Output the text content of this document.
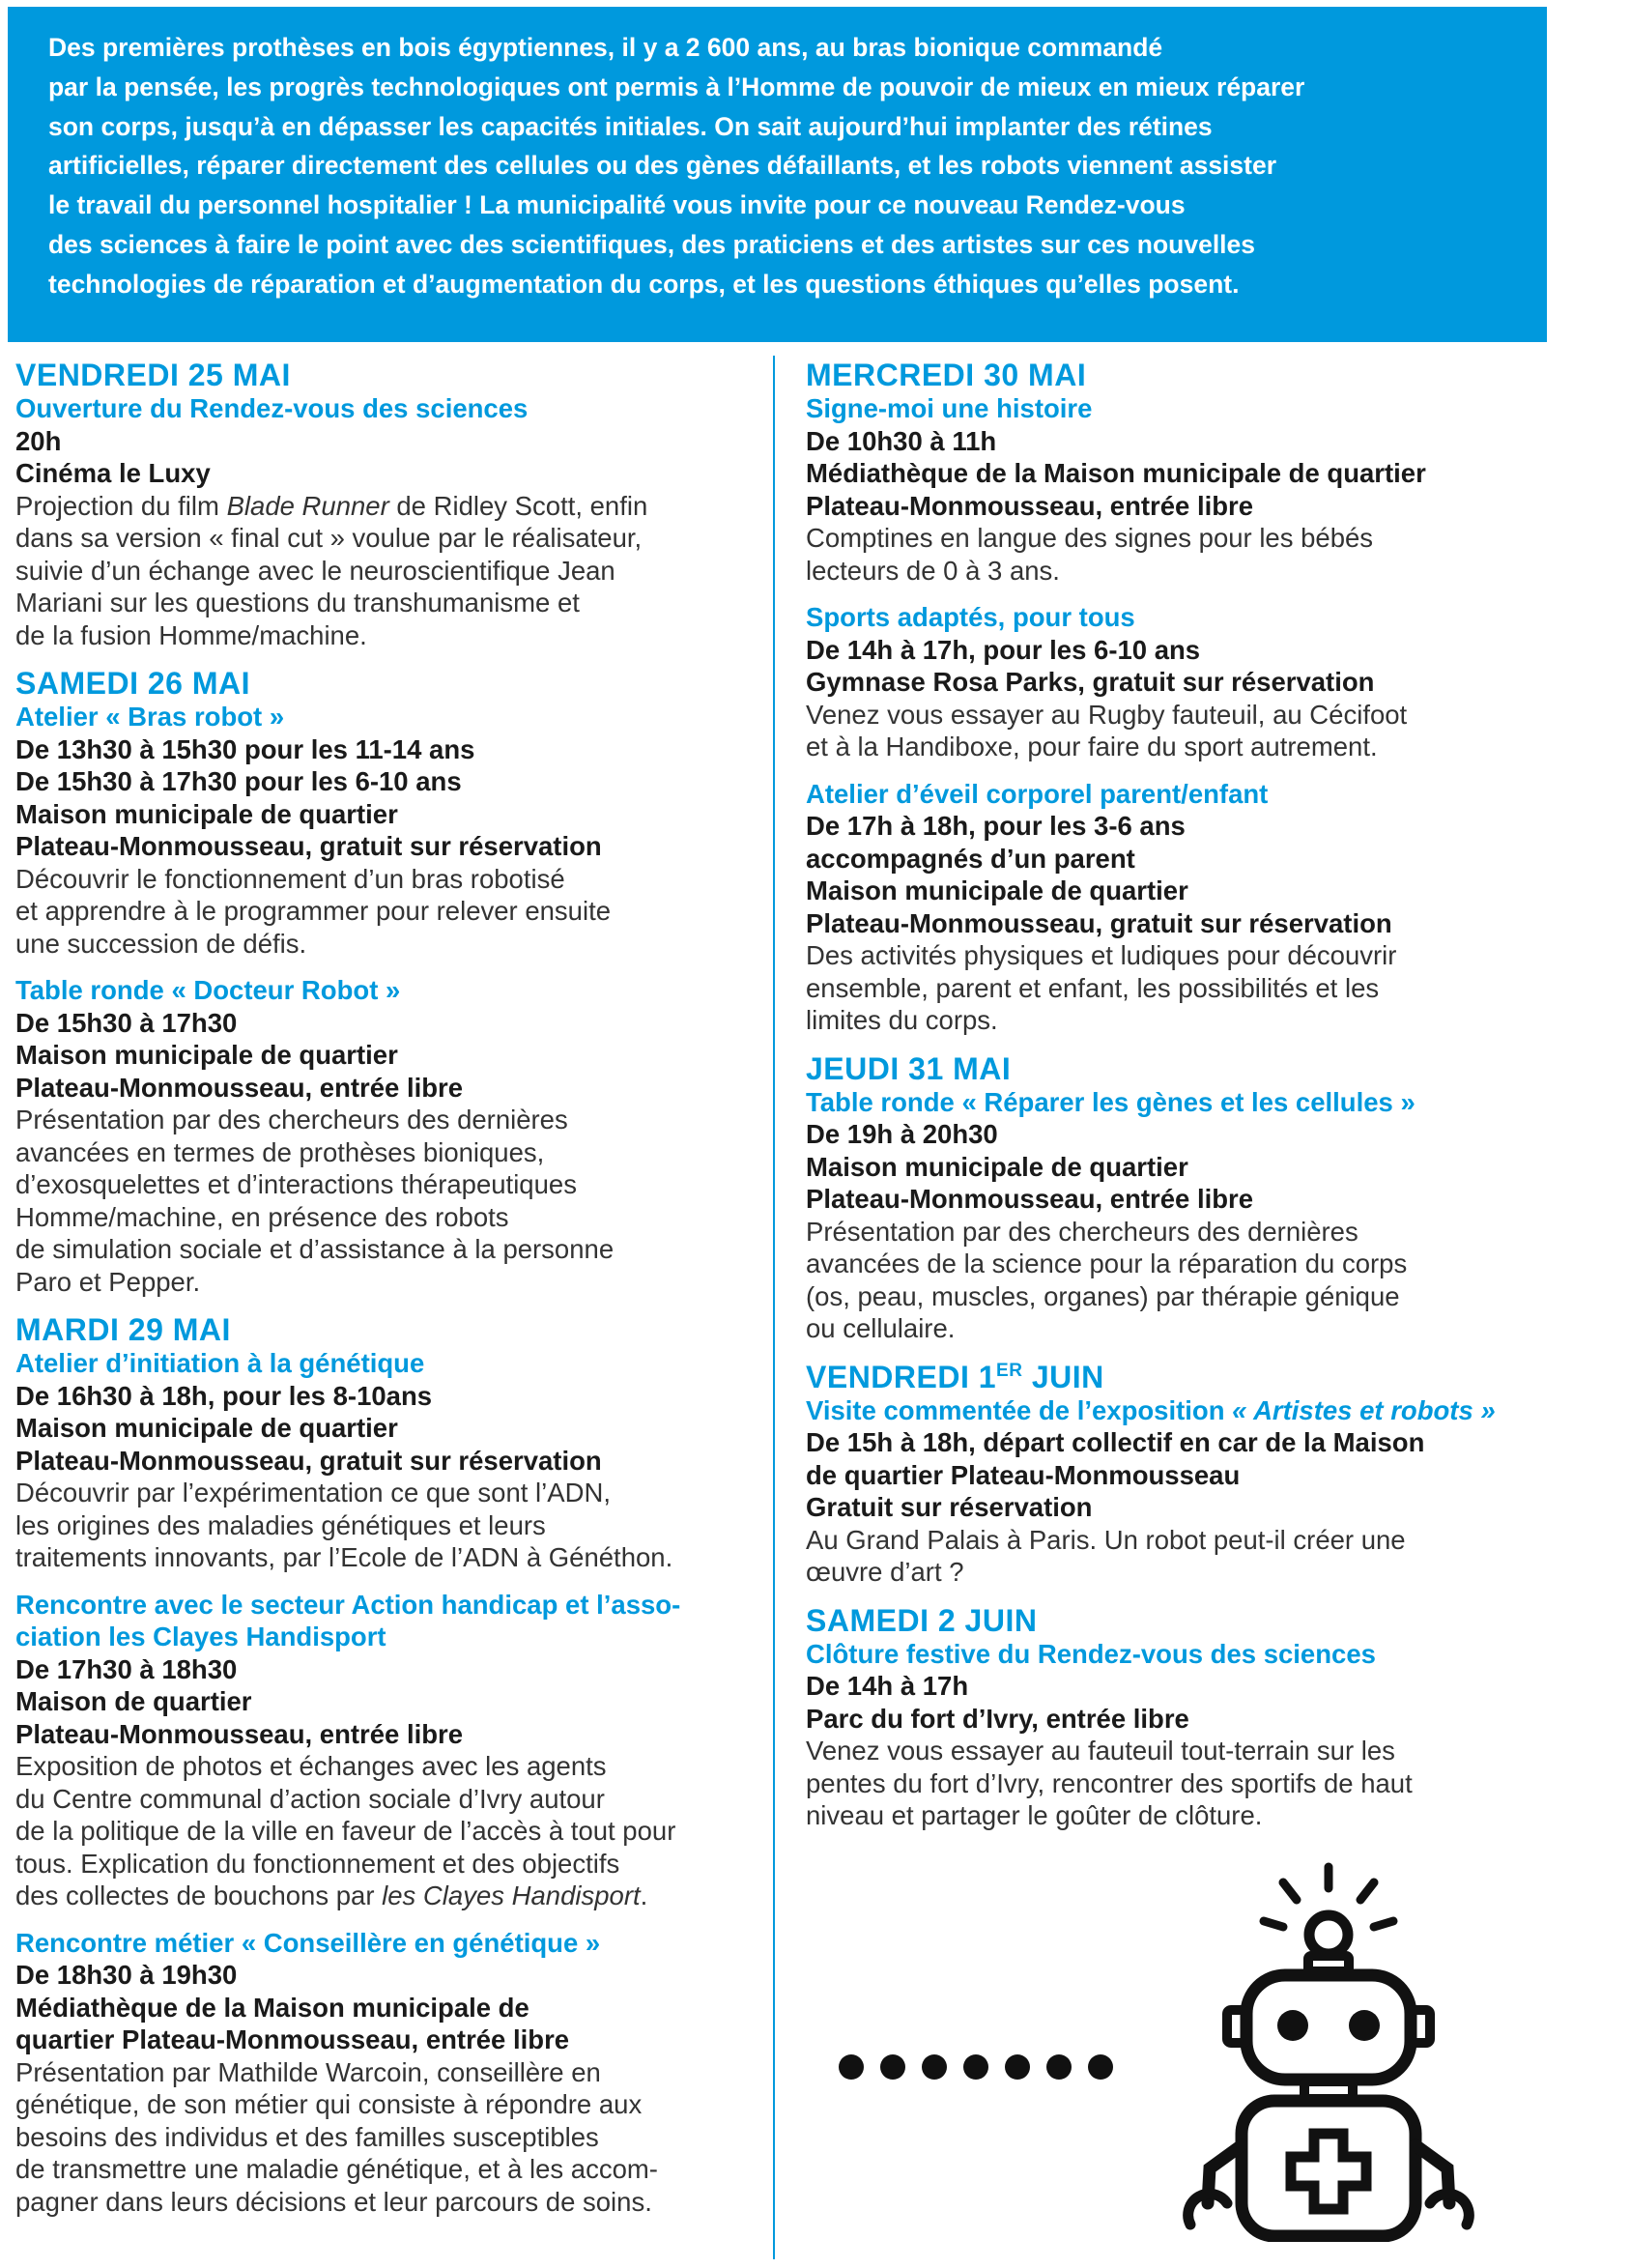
Des premières prothèses en bois égyptiennes, il y a 2 600 ans, au bras bionique commandé
par la pensée, les progrès technologiques ont permis à l’Homme de pouvoir de mieux en mieux réparer
son corps, jusqu’à en dépasser les capacités initiales. On sait aujourd’hui implanter des rétines
artificielles, réparer directement des cellules ou des gènes défaillants, et les robots viennent assister
le travail du personnel hospitalier ! La municipalité vous invite pour ce nouveau Rendez-vous
des sciences à faire le point avec des scientifiques, des praticiens et des artistes sur ces nouvelles
technologies de réparation et d’augmentation du corps, et les questions éthiques qu’elles posent.

VENDREDI 25 MAI
Ouverture du Rendez-vous des sciences
20h
Cinéma le Luxy
Projection du film Blade Runner de Ridley Scott, enfin
dans sa version « final cut » voulue par le réalisateur,
suivie d’un échange avec le neuroscientifique Jean
Mariani sur les questions du transhumanisme et
de la fusion Homme/machine.
SAMEDI 26 MAI
Atelier « Bras robot »
De 13h30 à 15h30 pour les 11-14 ans
De 15h30 à 17h30 pour les 6-10 ans
Maison municipale de quartier
Plateau-Monmousseau, gratuit sur réservation
Découvrir le fonctionnement d’un bras robotisé
et apprendre à le programmer pour relever ensuite
une succession de défis.
Table ronde « Docteur Robot »
De 15h30 à 17h30
Maison municipale de quartier
Plateau-Monmousseau, entrée libre
Présentation par des chercheurs des dernières
avancées en termes de prothèses bioniques,
d’exosquelettes et d’interactions thérapeutiques
Homme/machine, en présence des robots
de simulation sociale et d’assistance à la personne
Paro et Pepper.
MARDI 29 MAI
Atelier d’initiation à la génétique
De 16h30 à 18h, pour les 8-10ans
Maison municipale de quartier
Plateau-Monmousseau, gratuit sur réservation
Découvrir par l’expérimentation ce que sont l’ADN,
les origines des maladies génétiques et leurs
traitements innovants, par l’Ecole de l’ADN à Généthon.
Rencontre avec le secteur Action handicap et l’asso-
ciation les Clayes Handisport
De 17h30 à 18h30
Maison de quartier
Plateau-Monmousseau, entrée libre
Exposition de photos et échanges avec les agents
du Centre communal d’action sociale d’Ivry autour
de la politique de la ville en faveur de l’accès à tout pour
tous. Explication du fonctionnement et des objectifs
des collectes de bouchons par les Clayes Handisport.
Rencontre métier « Conseillère en génétique »
De 18h30 à 19h30
Médiathèque de la Maison municipale de
quartier Plateau-Monmousseau, entrée libre
Présentation par Mathilde Warcoin, conseillère en
génétique, de son métier qui consiste à répondre aux
besoins des individus et des familles susceptibles
de transmettre une maladie génétique, et à les accom-
pagner dans leurs décisions et leur parcours de soins.
MERCREDI 30 MAI
Signe-moi une histoire
De 10h30 à 11h
Médiathèque de la Maison municipale de quartier
Plateau-Monmousseau, entrée libre
Comptines en langue des signes pour les bébés
lecteurs de 0 à 3 ans.
Sports adaptés, pour tous
De 14h à 17h, pour les 6-10 ans
Gymnase Rosa Parks, gratuit sur réservation
Venez vous essayer au Rugby fauteuil, au Cécifoot
et à la Handiboxe, pour faire du sport autrement.
Atelier d’éveil corporel parent/enfant
De 17h à 18h, pour les 3-6 ans
accompagnés d’un parent
Maison municipale de quartier
Plateau-Monmousseau, gratuit sur réservation
Des activités physiques et ludiques pour découvrir
ensemble, parent et enfant, les possibilités et les
limites du corps.
JEUDI 31 MAI
Table ronde « Réparer les gènes et les cellules »
De 19h à 20h30
Maison municipale de quartier
Plateau-Monmousseau, entrée libre
Présentation par des chercheurs des dernières
avancées de la science pour la réparation du corps
(os, peau, muscles, organes) par thérapie génique
ou cellulaire.
VENDREDI 1ER JUIN
Visite commentée de l’exposition « Artistes et robots »
De 15h à 18h, départ collectif en car de la Maison
de quartier Plateau-Monmousseau
Gratuit sur réservation
Au Grand Palais à Paris. Un robot peut-il créer une
œuvre d’art ?
SAMEDI 2 JUIN
Clôture festive du Rendez-vous des sciences
De 14h à 17h
Parc du fort d’Ivry, entrée libre
Venez vous essayer au fauteuil tout-terrain sur les
pentes du fort d’Ivry, rencontrer des sportifs de haut
niveau et partager le goûter de clôture.
